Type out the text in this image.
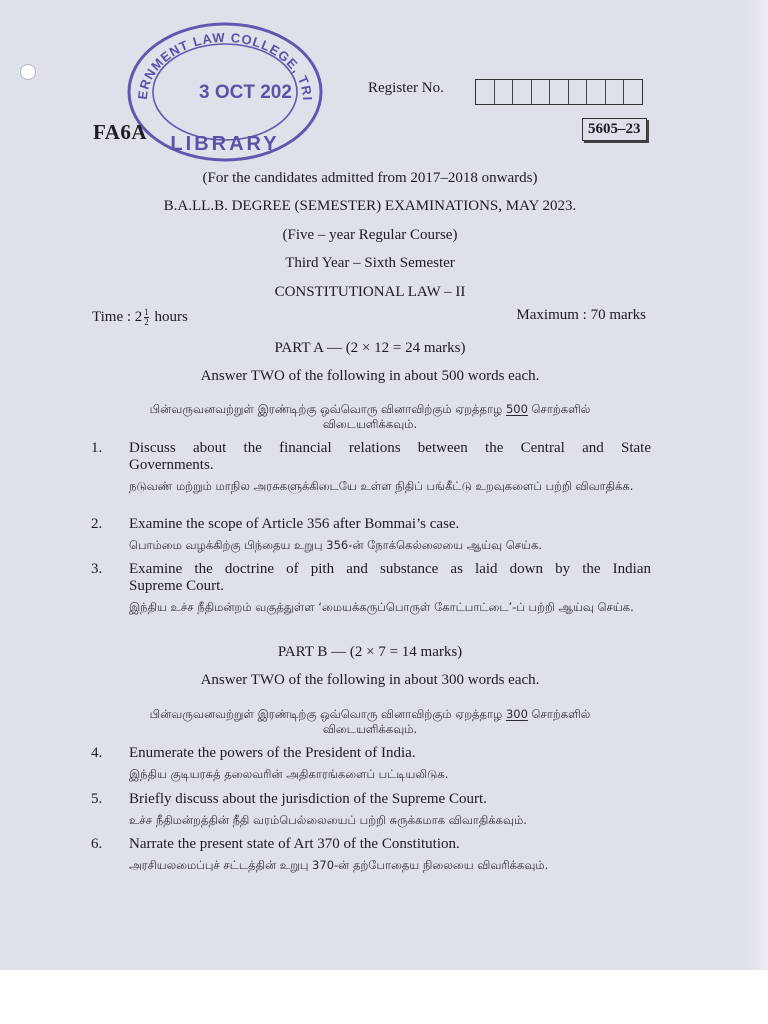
GOVERNMENT LAW COLLEGE, TRICHY
3 OCT 202
LIBRARY
FA6A
Register No.
5605–23
(For the candidates admitted from 2017–2018 onwards)
B.A.LL.B. DEGREE (SEMESTER) EXAMINATIONS, MAY 2023.
(Five – year Regular Course)
Third Year – Sixth Semester
CONSTITUTIONAL LAW – II
Time : $2 \frac{1}{2}$ hours	Maximum : 70 marks
PART A — (2 × 12 = 24 marks)
Answer TWO of the following in about 500 words each.
பின்வருவனவற்றுள் இரண்டிற்கு ஒவ்வொரு வினாவிற்கும் ஏறத்தாழ 500 சொற்களில்
விடையளிக்கவும்.
1. Discuss about the financial relations between the Central and State
Governments.
நடுவண் மற்றும் மாநில அரசுகளுக்கிடையே உள்ள நிதிப் பங்கீட்டு உறவுகளைப் பற்றி விவாதிக்க.
2. Examine the scope of Article 356 after Bommai’s case.
பொம்மை வழக்கிற்கு பிந்தைய உறுபு 356-ன் நோக்கெல்லையை ஆய்வு செய்க.
3. Examine the doctrine of pith and substance as laid down by the Indian
Supreme Court.
இந்திய உச்ச நீதிமன்றம் வகுத்துள்ள ‘மையக்கருப்பொருள் கோட்பாட்டை’-ப் பற்றி ஆய்வு செய்க.
PART B — (2 × 7 = 14 marks)
Answer TWO of the following in about 300 words each.
பின்வருவனவற்றுள் இரண்டிற்கு ஒவ்வொரு வினாவிற்கும் ஏறத்தாழ 300 சொற்களில்
விடையளிக்கவும்.
4. Enumerate the powers of the President of India.
இந்திய குடியரசுத் தலைவரின் அதிகாரங்களைப் பட்டியலிடுக.
5. Briefly discuss about the jurisdiction of the Supreme Court.
உச்ச நீதிமன்றத்தின் நீதி வரம்பெல்லையைப் பற்றி சுருக்கமாக விவாதிக்கவும்.
6. Narrate the present state of Art 370 of the Constitution.
அரசியலமைப்புச் சட்டத்தின் உறுபு 370-ன் தற்போதைய நிலையை விவரிக்கவும்.
